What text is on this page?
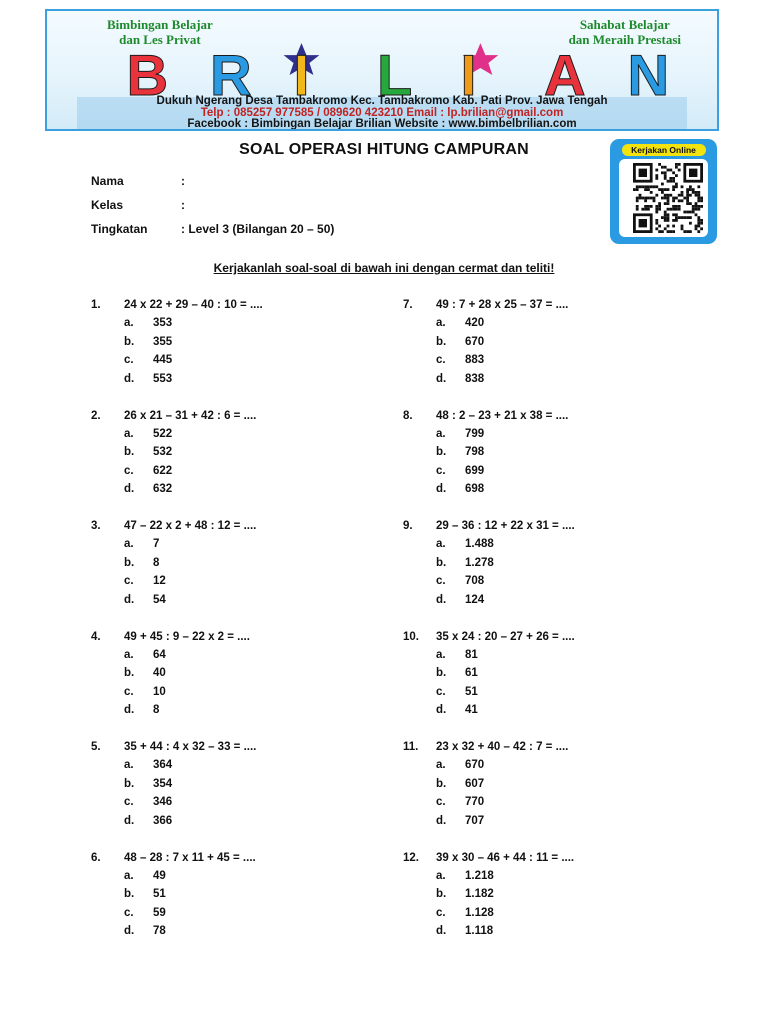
Bimbingan Belajar
dan Les Privat
Sahabat Belajar
dan Meraih Prestasi
B R I L I A N
Dukuh Ngerang Desa Tambakromo Kec. Tambakromo Kab. Pati Prov. Jawa Tengah
Telp : 085257 977585 / 089620 423210 Email : lp.brilian@gmail.com
Facebook : Bimbingan Belajar Brilian Website : www.bimbelbrilian.com
Kerjakan Online
SOAL OPERASI HITUNG CAMPURAN
Nama	:
Kelas	:
Tingkatan	: Level 3 (Bilangan 20 – 50)
Kerjakanlah soal-soal di bawah ini dengan cermat dan teliti!
1. 24 x 22 + 29 – 40 : 10 = ....
a. 353
b. 355
c. 445
d. 553
2. 26 x 21 – 31 + 42 : 6 = ....
a. 522
b. 532
c. 622
d. 632
3. 47 – 22 x 2 + 48 : 12 = ....
a. 7
b. 8
c. 12
d. 54
4. 49 + 45 : 9 – 22 x 2 = ....
a. 64
b. 40
c. 10
d. 8
5. 35 + 44 : 4 x 32 – 33 = ....
a. 364
b. 354
c. 346
d. 366
6. 48 – 28 : 7 x 11 + 45 = ....
a. 49
b. 51
c. 59
d. 78
7. 49 : 7 + 28 x 25 – 37 = ....
a. 420
b. 670
c. 883
d. 838
8. 48 : 2 – 23 + 21 x 38 = ....
a. 799
b. 798
c. 699
d. 698
9. 29 – 36 : 12 + 22 x 31 = ....
a. 1.488
b. 1.278
c. 708
d. 124
10. 35 x 24 : 20 – 27 + 26 = ....
a. 81
b. 61
c. 51
d. 41
11. 23 x 32 + 40 – 42 : 7 = ....
a. 670
b. 607
c. 770
d. 707
12. 39 x 30 – 46 + 44 : 11 = ....
a. 1.218
b. 1.182
c. 1.128
d. 1.118
